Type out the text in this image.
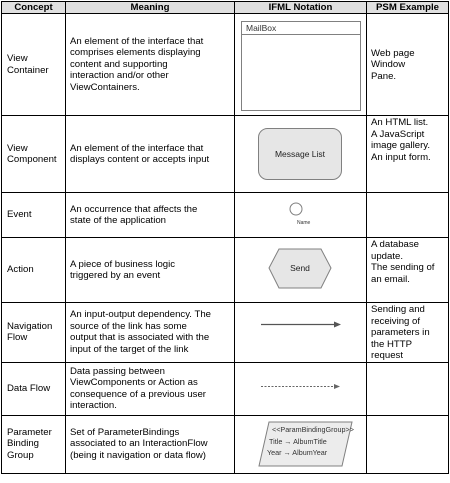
Concept	Meaning	IFML Notation	PSM Example

View
Container	An element of the interface that
comprises elements displaying
content and supporting
interaction and/or other
ViewContainers.	MailBox	Web page
Window
Pane.

View
Component	An element of the interface that
displays content or accepts input	Message List	An HTML list.
A JavaScript
image gallery.
An input form.

Event	An occurrence that affects the
state of the application	Name	

Action	A piece of business logic
triggered by an event	Send	A database
update.
The sending of
an email.

Navigation
Flow	An input-output dependency. The
source of the link has some
output that is associated with the
input of the target of the link		Sending and
receiving of
parameters in
the HTTP
request

Data Flow	Data passing between
ViewComponents or Action as
consequence of a previous user
interaction.

Parameter
Binding
Group	Set of ParameterBindings
associated to an InteractionFlow
(being it navigation or data flow)	<<ParamBindingGroup>>
Title → AlbumTitle
Year → AlbumYear	
